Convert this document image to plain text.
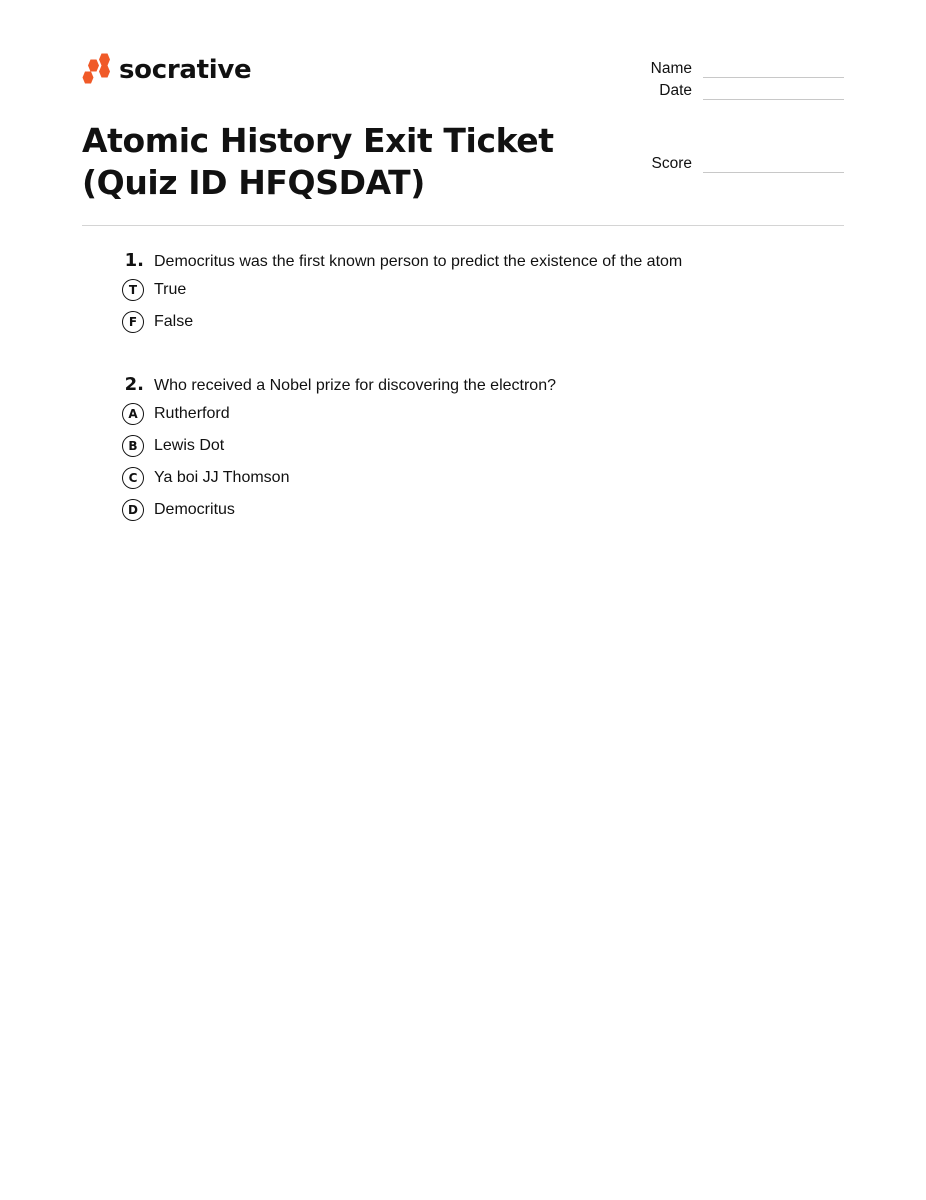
socrative	Name
Date
Score
Atomic History Exit Ticket (Quiz ID HFQSDAT)
1. Democritus was the first known person to predict the existence of the atom
T	True
F	False
2. Who received a Nobel prize for discovering the electron?
A	Rutherford
B	Lewis Dot
C	Ya boi JJ Thomson
D	Democritus
